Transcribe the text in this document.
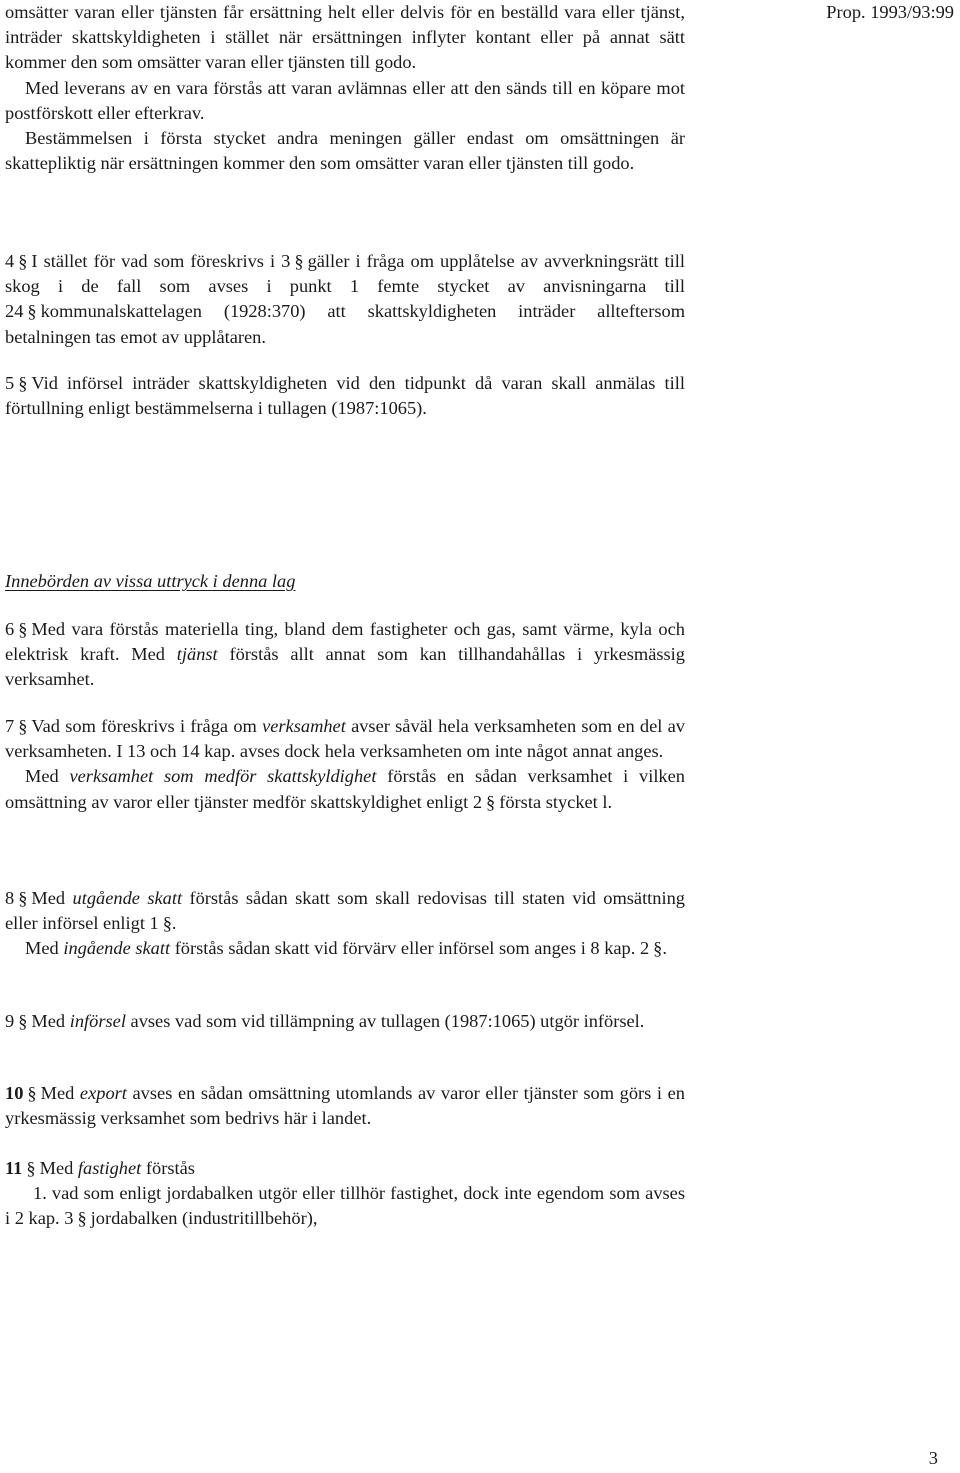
Prop. 1993/93:99

omsätter varan eller tjänsten får ersättning helt eller delvis för en beställd vara eller tjänst, inträder skattskyldigheten i stället när ersättningen inflyter kontant eller på annat sätt kommer den som omsätter varan eller tjänsten till godo.

Med leverans av en vara förstås att varan avlämnas eller att den sänds till en köpare mot postförskott eller efterkrav.

Bestämmelsen i första stycket andra meningen gäller endast om omsättningen är skattepliktig när ersättningen kommer den som omsätter varan eller tjänsten till godo.

4 § I stället för vad som föreskrivs i 3 § gäller i fråga om upplåtelse av avverkningsrätt till skog i de fall som avses i punkt 1 femte stycket av anvisningarna till 24 § kommunalskattelagen (1928:370) att skattskyldigheten inträder allteftersom betalningen tas emot av upplåtaren.

5 § Vid införsel inträder skattskyldigheten vid den tidpunkt då varan skall anmälas till förtullning enligt bestämmelserna i tullagen (1987:1065).

Innebörden av vissa uttryck i denna lag

6 § Med vara förstås materiella ting, bland dem fastigheter och gas, samt värme, kyla och elektrisk kraft. Med tjänst förstås allt annat som kan tillhandahållas i yrkesmässig verksamhet.

7 § Vad som föreskrivs i fråga om verksamhet avser såväl hela verksamheten som en del av verksamheten. I 13 och 14 kap. avses dock hela verksamheten om inte något annat anges.

Med verksamhet som medför skattskyldighet förstås en sådan verksamhet i vilken omsättning av varor eller tjänster medför skattskyldighet enligt 2 § första stycket l.

8 § Med utgående skatt förstås sådan skatt som skall redovisas till staten vid omsättning eller införsel enligt 1 §.

Med ingående skatt förstås sådan skatt vid förvärv eller införsel som anges i 8 kap. 2 §.

9 § Med införsel avses vad som vid tillämpning av tullagen (1987:1065) utgör införsel.

10 § Med export avses en sådan omsättning utomlands av varor eller tjänster som görs i en yrkesmässig verksamhet som bedrivs här i landet.

11 § Med fastighet förstås

1. vad som enligt jordabalken utgör eller tillhör fastighet, dock inte egendom som avses i 2 kap. 3 § jordabalken (industritillbehör),

3
